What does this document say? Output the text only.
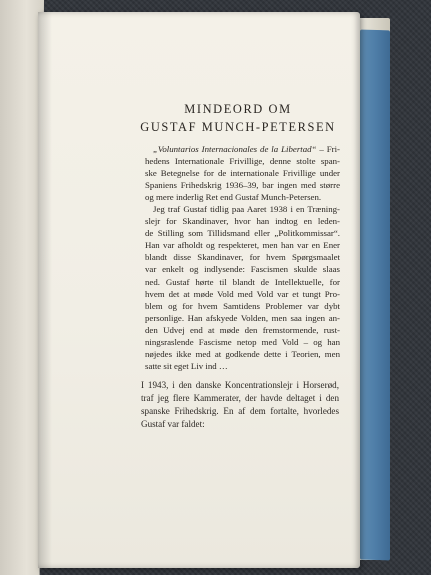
MINDEORD OM
GUSTAF MUNCH-PETERSEN
„Voluntarios Internacionales de la Libertad“ – Fri-
hedens Internationale Frivillige, denne stolte span-
ske Betegnelse for de internationale Frivillige under
Spaniens Frihedskrig 1936–39, bar ingen med større
og mere inderlig Ret end Gustaf Munch-Petersen.
Jeg traf Gustaf tidlig paa Aaret 1938 i en Træning-
slejr for Skandinaver, hvor han indtog en leden-
de Stilling som Tillidsmand eller „Politkommissar“.
Han var afholdt og respekteret, men han var en Ener
blandt disse Skandinaver, for hvem Spørgsmaalet
var enkelt og indlysende: Fascismen skulde slaas
ned. Gustaf hørte til blandt de Intellektuelle, for
hvem det at møde Vold med Vold var et tungt Pro-
blem og for hvem Samtidens Problemer var dybt
personlige. Han afskyede Volden, men saa ingen an-
den Udvej end at møde den fremstormende, rust-
ningsraslende Fascisme netop med Vold – og han
nøjedes ikke med at godkende dette i Teorien, men
satte sit eget Liv ind …
I 1943, i den danske Koncentrationslejr i Horserød,
traf jeg flere Kammerater, der havde deltaget i den
spanske Frihedskrig. En af dem fortalte, hvorledes
Gustaf var faldet:
